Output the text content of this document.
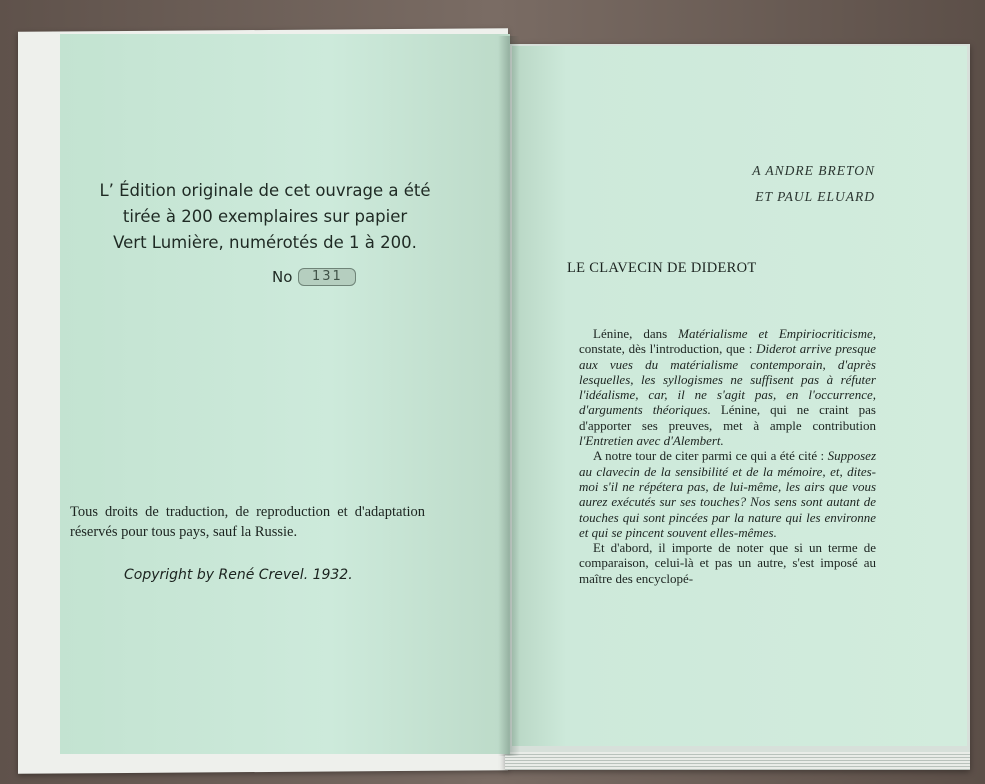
L’ Édition originale de cet ouvrage a été
tirée à 200 exemplaires sur papier
Vert Lumière, numérotés de 1 à 200.
No	131
Tous droits de traduction, de reproduction et d'adaptation réservés pour tous pays, sauf la Russie.
Copyright by René Crevel. 1932.
A ANDRE BRETON
ET PAUL ELUARD
LE CLAVECIN DE DIDEROT

Lénine, dans Matérialisme et Empiriocriticisme, constate, dès l'introduction, que : Diderot arrive presque aux vues du matérialisme contemporain, d'après lesquelles, les syllogismes ne suffisent pas à réfuter l'idéalisme, car, il ne s'agit pas, en l'occurrence, d'arguments théoriques. Lénine, qui ne craint pas d'apporter ses preuves, met à ample contribution l'Entretien avec d'Alembert.

A notre tour de citer parmi ce qui a été cité : Supposez au clavecin de la sensibilité et de la mémoire, et, dites-moi s'il ne répétera pas, de lui-même, les airs que vous aurez exécutés sur ses touches? Nos sens sont autant de touches qui sont pincées par la nature qui les environne et qui se pincent souvent elles-mêmes.

Et d'abord, il importe de noter que si un terme de comparaison, celui-là et pas un autre, s'est imposé au maître des encyclopé-
